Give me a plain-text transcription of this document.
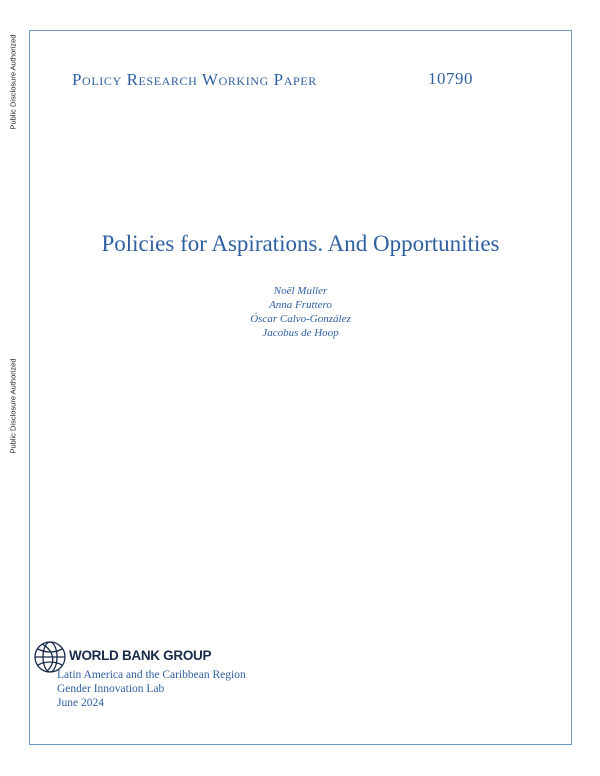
Public Disclosure Authorized
Public Disclosure Authorized
Policy Research Working Paper	10790
Policies for Aspirations. And Opportunities
Noël Muller
Anna Fruttero
Óscar Calvo-González
Jacobus de Hoop
WORLD BANK GROUP
Latin America and the Caribbean Region
Gender Innovation Lab
June 2024
